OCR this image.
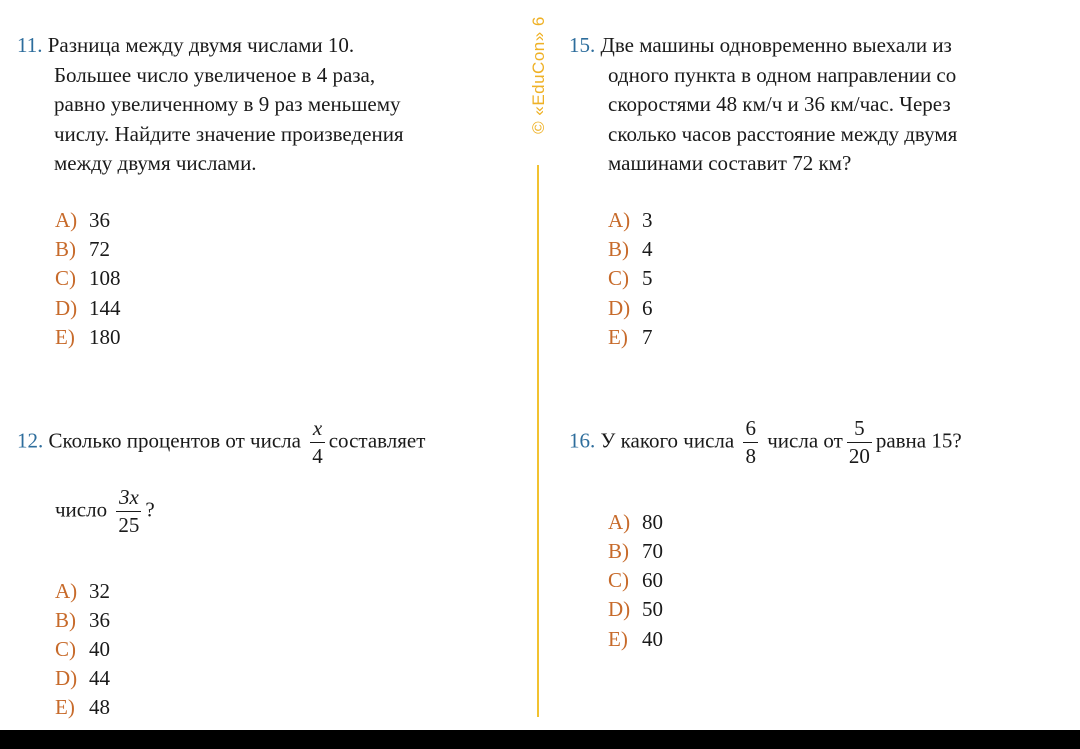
© «EduCon» 6
11. Разница между двумя числами 10.
Большее число увеличеное в 4 раза,
равно увеличенному в 9 раз меньшему
числу. Найдите значение произведения
между двумя числами.
A) 36
B) 72
C) 108
D) 144
E) 180
15. Две машины одновременно выехали из
одного пункта в одном направлении со
скоростями 48 км/ч и 36 км/час. Через
сколько часов расстояние между двумя
машинами составит 72 км?
A) 3
B) 4
C) 5
D) 6
E) 7
12. Сколько процентов от числа $\frac{x}{4}$ составляет
число $\frac{3x}{25}$ ?
A) 32
B) 36
C) 40
D) 44
E) 48
16. У какого числа $\frac{6}{8}$ числа от $\frac{5}{20}$ равна 15?
A) 80
B) 70
C) 60
D) 50
E) 40
